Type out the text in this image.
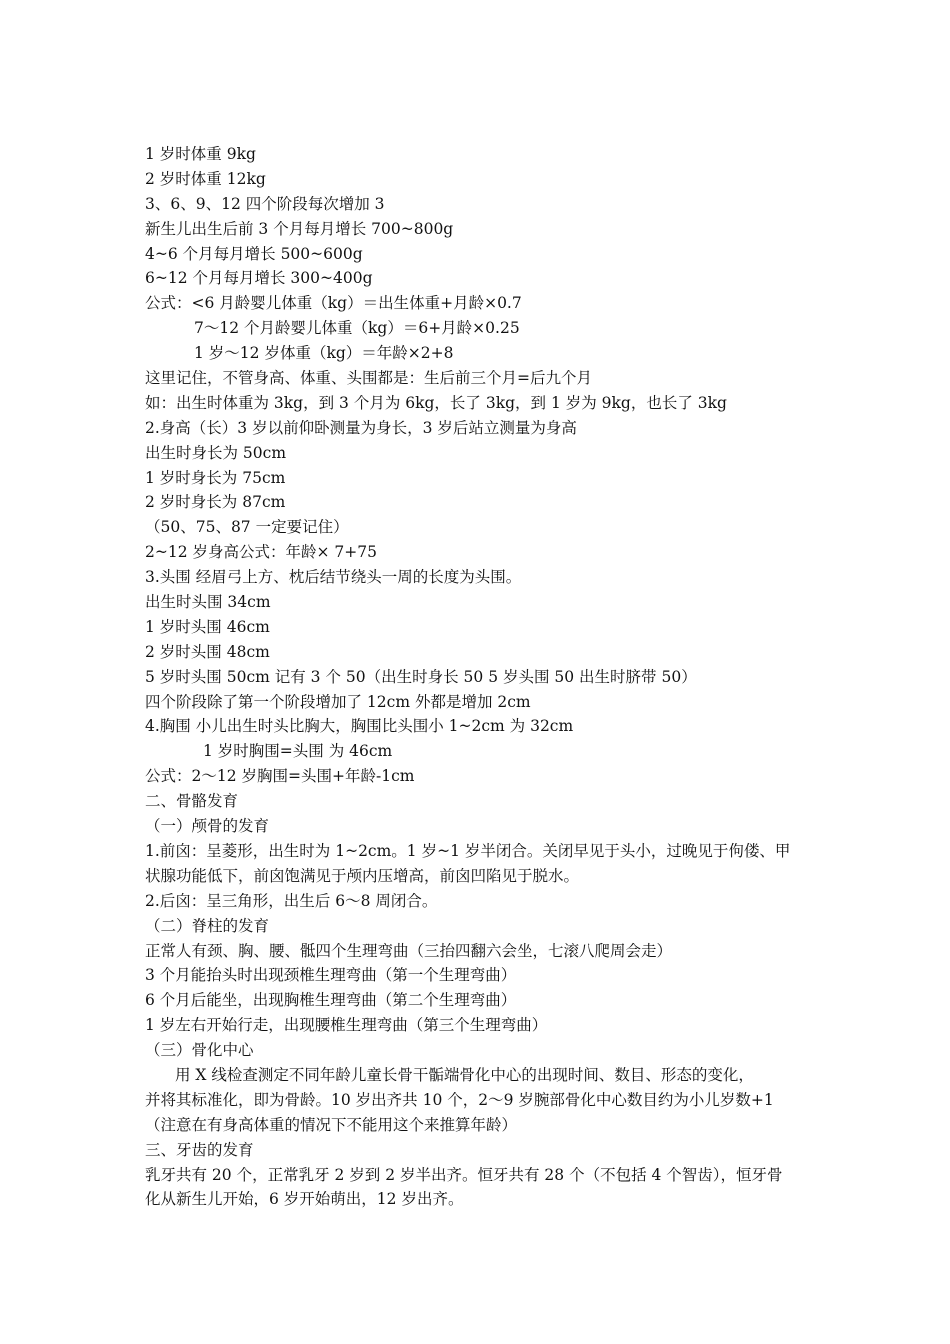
1 岁时体重 9kg
2 岁时体重 12kg
3、6、9、12 四个阶段每次增加 3
新生儿出生后前 3 个月每月增长 700~800g
4~6 个月每月增长 500~600g
6~12 个月每月增长 300~400g
公式：<6 月龄婴儿体重（kg）＝出生体重+月龄×0.7
7～12 个月龄婴儿体重（kg）＝6+月龄×0.25
1 岁～12 岁体重（kg）＝年龄×2+8
这里记住，不管身高、体重、头围都是：生后前三个月=后九个月
如：出生时体重为 3kg，到 3 个月为 6kg，长了 3kg，到 1 岁为 9kg，也长了 3kg
2.身高（长）3 岁以前仰卧测量为身长，3 岁后站立测量为身高
出生时身长为 50cm
1 岁时身长为 75cm
2 岁时身长为 87cm
（50、75、87 一定要记住）
2~12 岁身高公式：年龄× 7+75
3.头围 经眉弓上方、枕后结节绕头一周的长度为头围。
出生时头围 34cm
1 岁时头围 46cm
2 岁时头围 48cm
5 岁时头围 50cm 记有 3 个 50（出生时身长 50 5 岁头围 50 出生时脐带 50）
四个阶段除了第一个阶段增加了 12cm 外都是增加 2cm
4.胸围 小儿出生时头比胸大，胸围比头围小 1~2cm 为 32cm
1 岁时胸围=头围 为 46cm
公式：2～12 岁胸围=头围+年龄-1cm
二、骨骼发育
（一）颅骨的发育
1.前囟：呈菱形，出生时为 1~2cm。1 岁~1 岁半闭合。关闭早见于头小，过晚见于佝偻、甲
状腺功能低下，前囟饱满见于颅内压增高，前囟凹陷见于脱水。
2.后囟：呈三角形，出生后 6～8 周闭合。
（二）脊柱的发育
正常人有颈、胸、腰、骶四个生理弯曲（三抬四翻六会坐，七滚八爬周会走）
3 个月能抬头时出现颈椎生理弯曲（第一个生理弯曲）
6 个月后能坐，出现胸椎生理弯曲（第二个生理弯曲）
1 岁左右开始行走，出现腰椎生理弯曲（第三个生理弯曲）
（三）骨化中心
用 X 线检查测定不同年龄儿童长骨干骺端骨化中心的出现时间、数目、形态的变化，
并将其标准化，即为骨龄。10 岁出齐共 10 个，2～9 岁腕部骨化中心数目约为小儿岁数+1
（注意在有身高体重的情况下不能用这个来推算年龄）
三、牙齿的发育
乳牙共有 20 个，正常乳牙 2 岁到 2 岁半出齐。恒牙共有 28 个（不包括 4 个智齿），恒牙骨
化从新生儿开始，6 岁开始萌出，12 岁出齐。
